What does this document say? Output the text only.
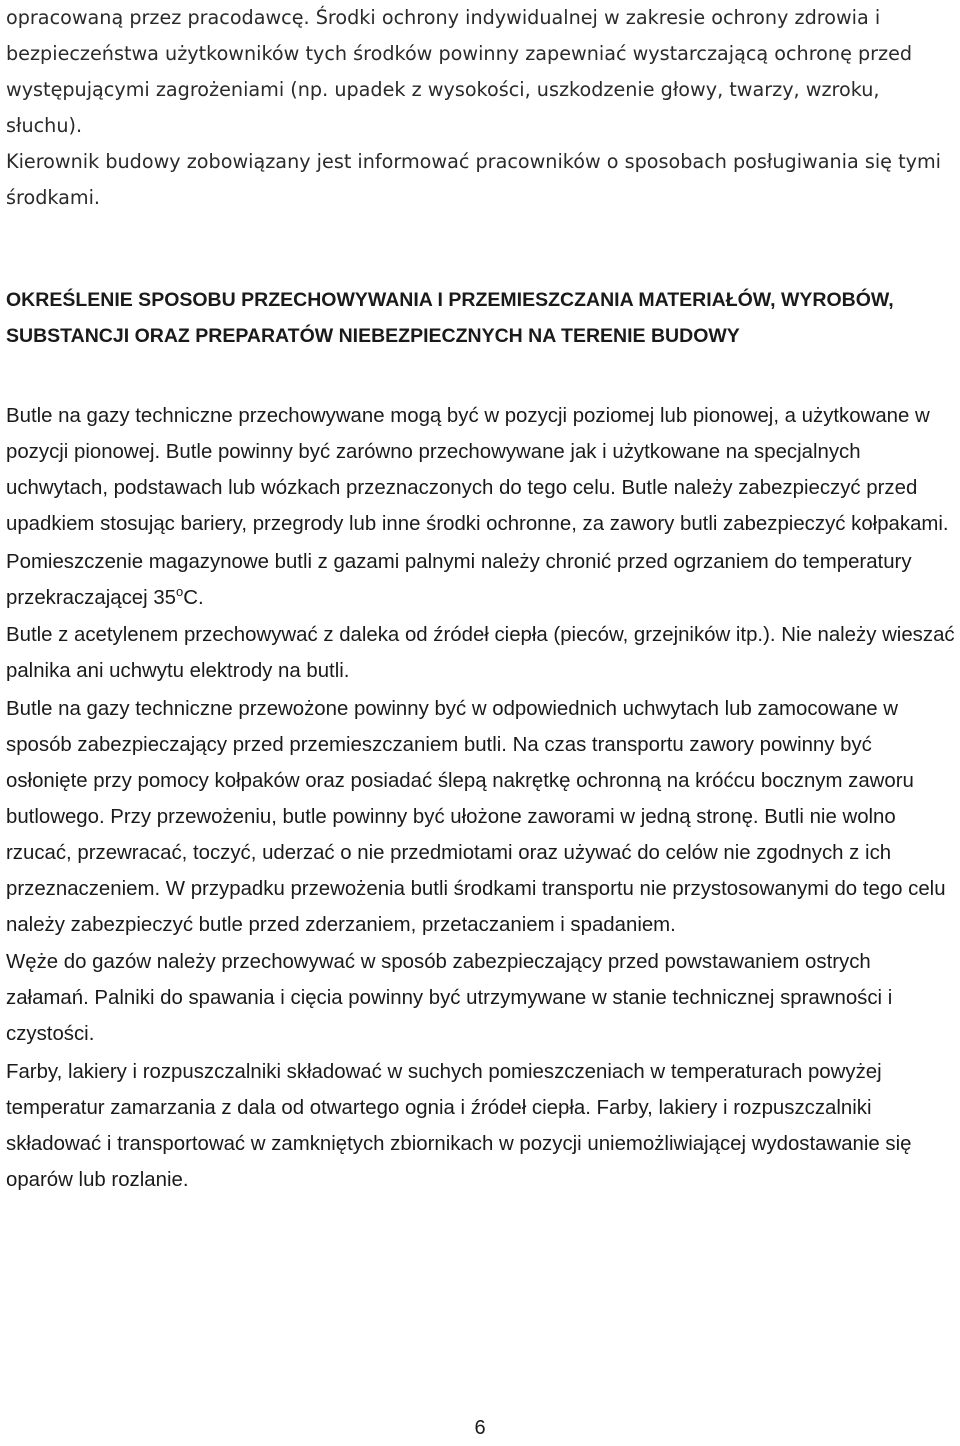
opracowaną przez pracodawcę. Środki ochrony indywidualnej w zakresie ochrony zdrowia i bezpieczeństwa użytkowników tych środków powinny zapewniać wystarczającą ochronę przed występującymi zagrożeniami (np. upadek z wysokości, uszkodzenie głowy, twarzy, wzroku, słuchu).

Kierownik budowy zobowiązany jest informować pracowników o sposobach posługiwania się tymi środkami.

OKREŚLENIE SPOSOBU PRZECHOWYWANIA I PRZEMIESZCZANIA MATERIAŁÓW, WYROBÓW, SUBSTANCJI ORAZ PREPARATÓW NIEBEZPIECZNYCH NA TERENIE BUDOWY

Butle na gazy techniczne przechowywane mogą być w pozycji poziomej lub pionowej, a użytkowane w pozycji pionowej. Butle powinny być zarówno przechowywane jak i użytkowane na specjalnych uchwytach, podstawach lub wózkach przeznaczonych do tego celu. Butle należy zabezpieczyć przed upadkiem stosując bariery, przegrody lub inne środki ochronne, za zawory butli zabezpieczyć kołpakami.

Pomieszczenie magazynowe butli z gazami palnymi należy chronić przed ogrzaniem do temperatury przekraczającej 35$^o$C.

Butle z acetylenem przechowywać z daleka od źródeł ciepła (pieców, grzejników itp.). Nie należy wieszać palnika ani uchwytu elektrody na butli.

Butle na gazy techniczne przewożone powinny być w odpowiednich uchwytach lub zamocowane w sposób zabezpieczający przed przemieszczaniem butli. Na czas transportu zawory powinny być osłonięte przy pomocy kołpaków oraz posiadać ślepą nakrętkę ochronną na króćcu bocznym zaworu butlowego. Przy przewożeniu, butle powinny być ułożone zaworami w jedną stronę. Butli nie wolno rzucać, przewracać, toczyć, uderzać o nie przedmiotami oraz używać do celów nie zgodnych z ich przeznaczeniem. W przypadku przewożenia butli środkami transportu nie przystosowanymi do tego celu należy zabezpieczyć butle przed zderzaniem, przetaczaniem i spadaniem.

Węże do gazów należy przechowywać w sposób zabezpieczający przed powstawaniem ostrych załamań. Palniki do spawania i cięcia powinny być utrzymywane w stanie technicznej sprawności i czystości.

Farby, lakiery i rozpuszczalniki składować w suchych pomieszczeniach w temperaturach powyżej temperatur zamarzania z dala od otwartego ognia i źródeł ciepła. Farby, lakiery i rozpuszczalniki składować i transportować w zamkniętych zbiornikach w pozycji uniemożliwiającej wydostawanie się oparów lub rozlanie.

6
